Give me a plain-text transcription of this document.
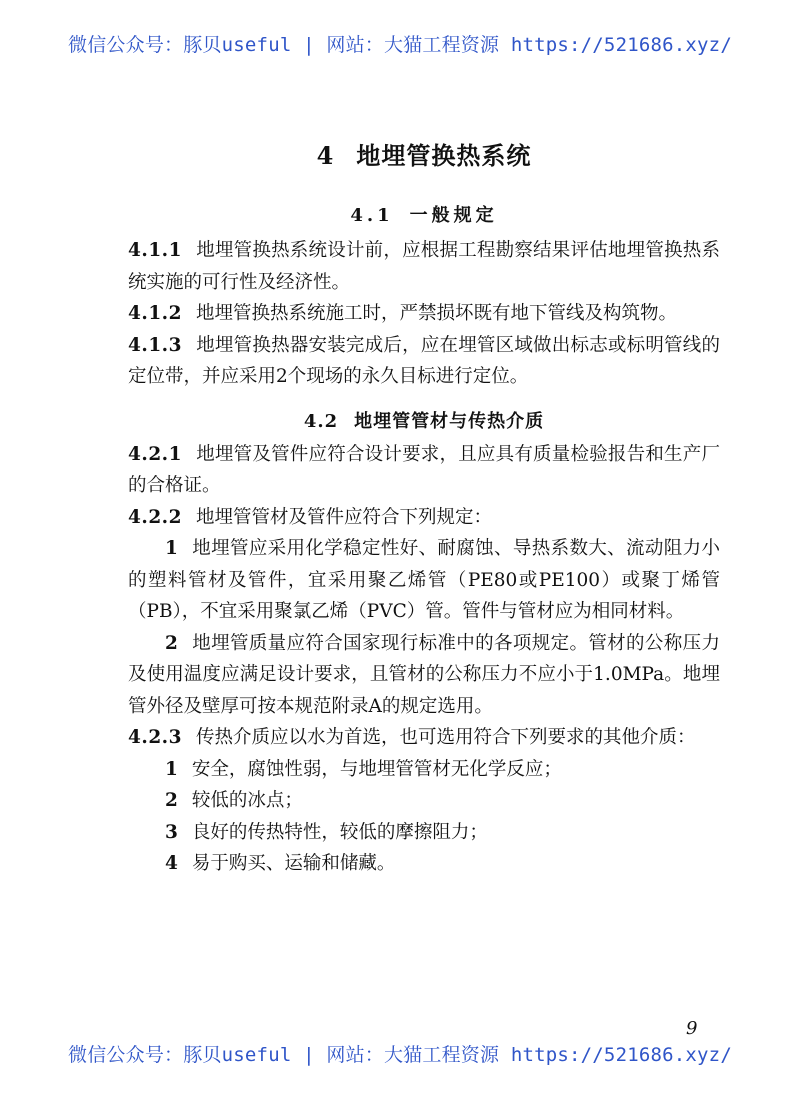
微信公众号：豚贝useful | 网站：大猫工程资源 https://521686.xyz/
4 地埋管换热系统
4.1 一般规定

4.1.1 地埋管换热系统设计前，应根据工程勘察结果评估地埋管换热系统实施的可行性及经济性。

4.1.2 地埋管换热系统施工时，严禁损坏既有地下管线及构筑物。

4.1.3 地埋管换热器安装完成后，应在埋管区域做出标志或标明管线的定位带，并应采用2个现场的永久目标进行定位。

4.2 地埋管管材与传热介质

4.2.1 地埋管及管件应符合设计要求，且应具有质量检验报告和生产厂的合格证。

4.2.2 地埋管管材及管件应符合下列规定：

1 地埋管应采用化学稳定性好、耐腐蚀、导热系数大、流动阻力小的塑料管材及管件，宜采用聚乙烯管（PE80或PE100）或聚丁烯管（PB），不宜采用聚氯乙烯（PVC）管。管件与管材应为相同材料。

2 地埋管质量应符合国家现行标准中的各项规定。管材的公称压力及使用温度应满足设计要求，且管材的公称压力不应小于1.0MPa。地埋管外径及壁厚可按本规范附录A的规定选用。

4.2.3 传热介质应以水为首选，也可选用符合下列要求的其他介质：

1 安全，腐蚀性弱，与地埋管管材无化学反应；

2 较低的冰点；

3 良好的传热特性，较低的摩擦阻力；

4 易于购买、运输和储藏。

9
微信公众号：豚贝useful | 网站：大猫工程资源 https://521686.xyz/
